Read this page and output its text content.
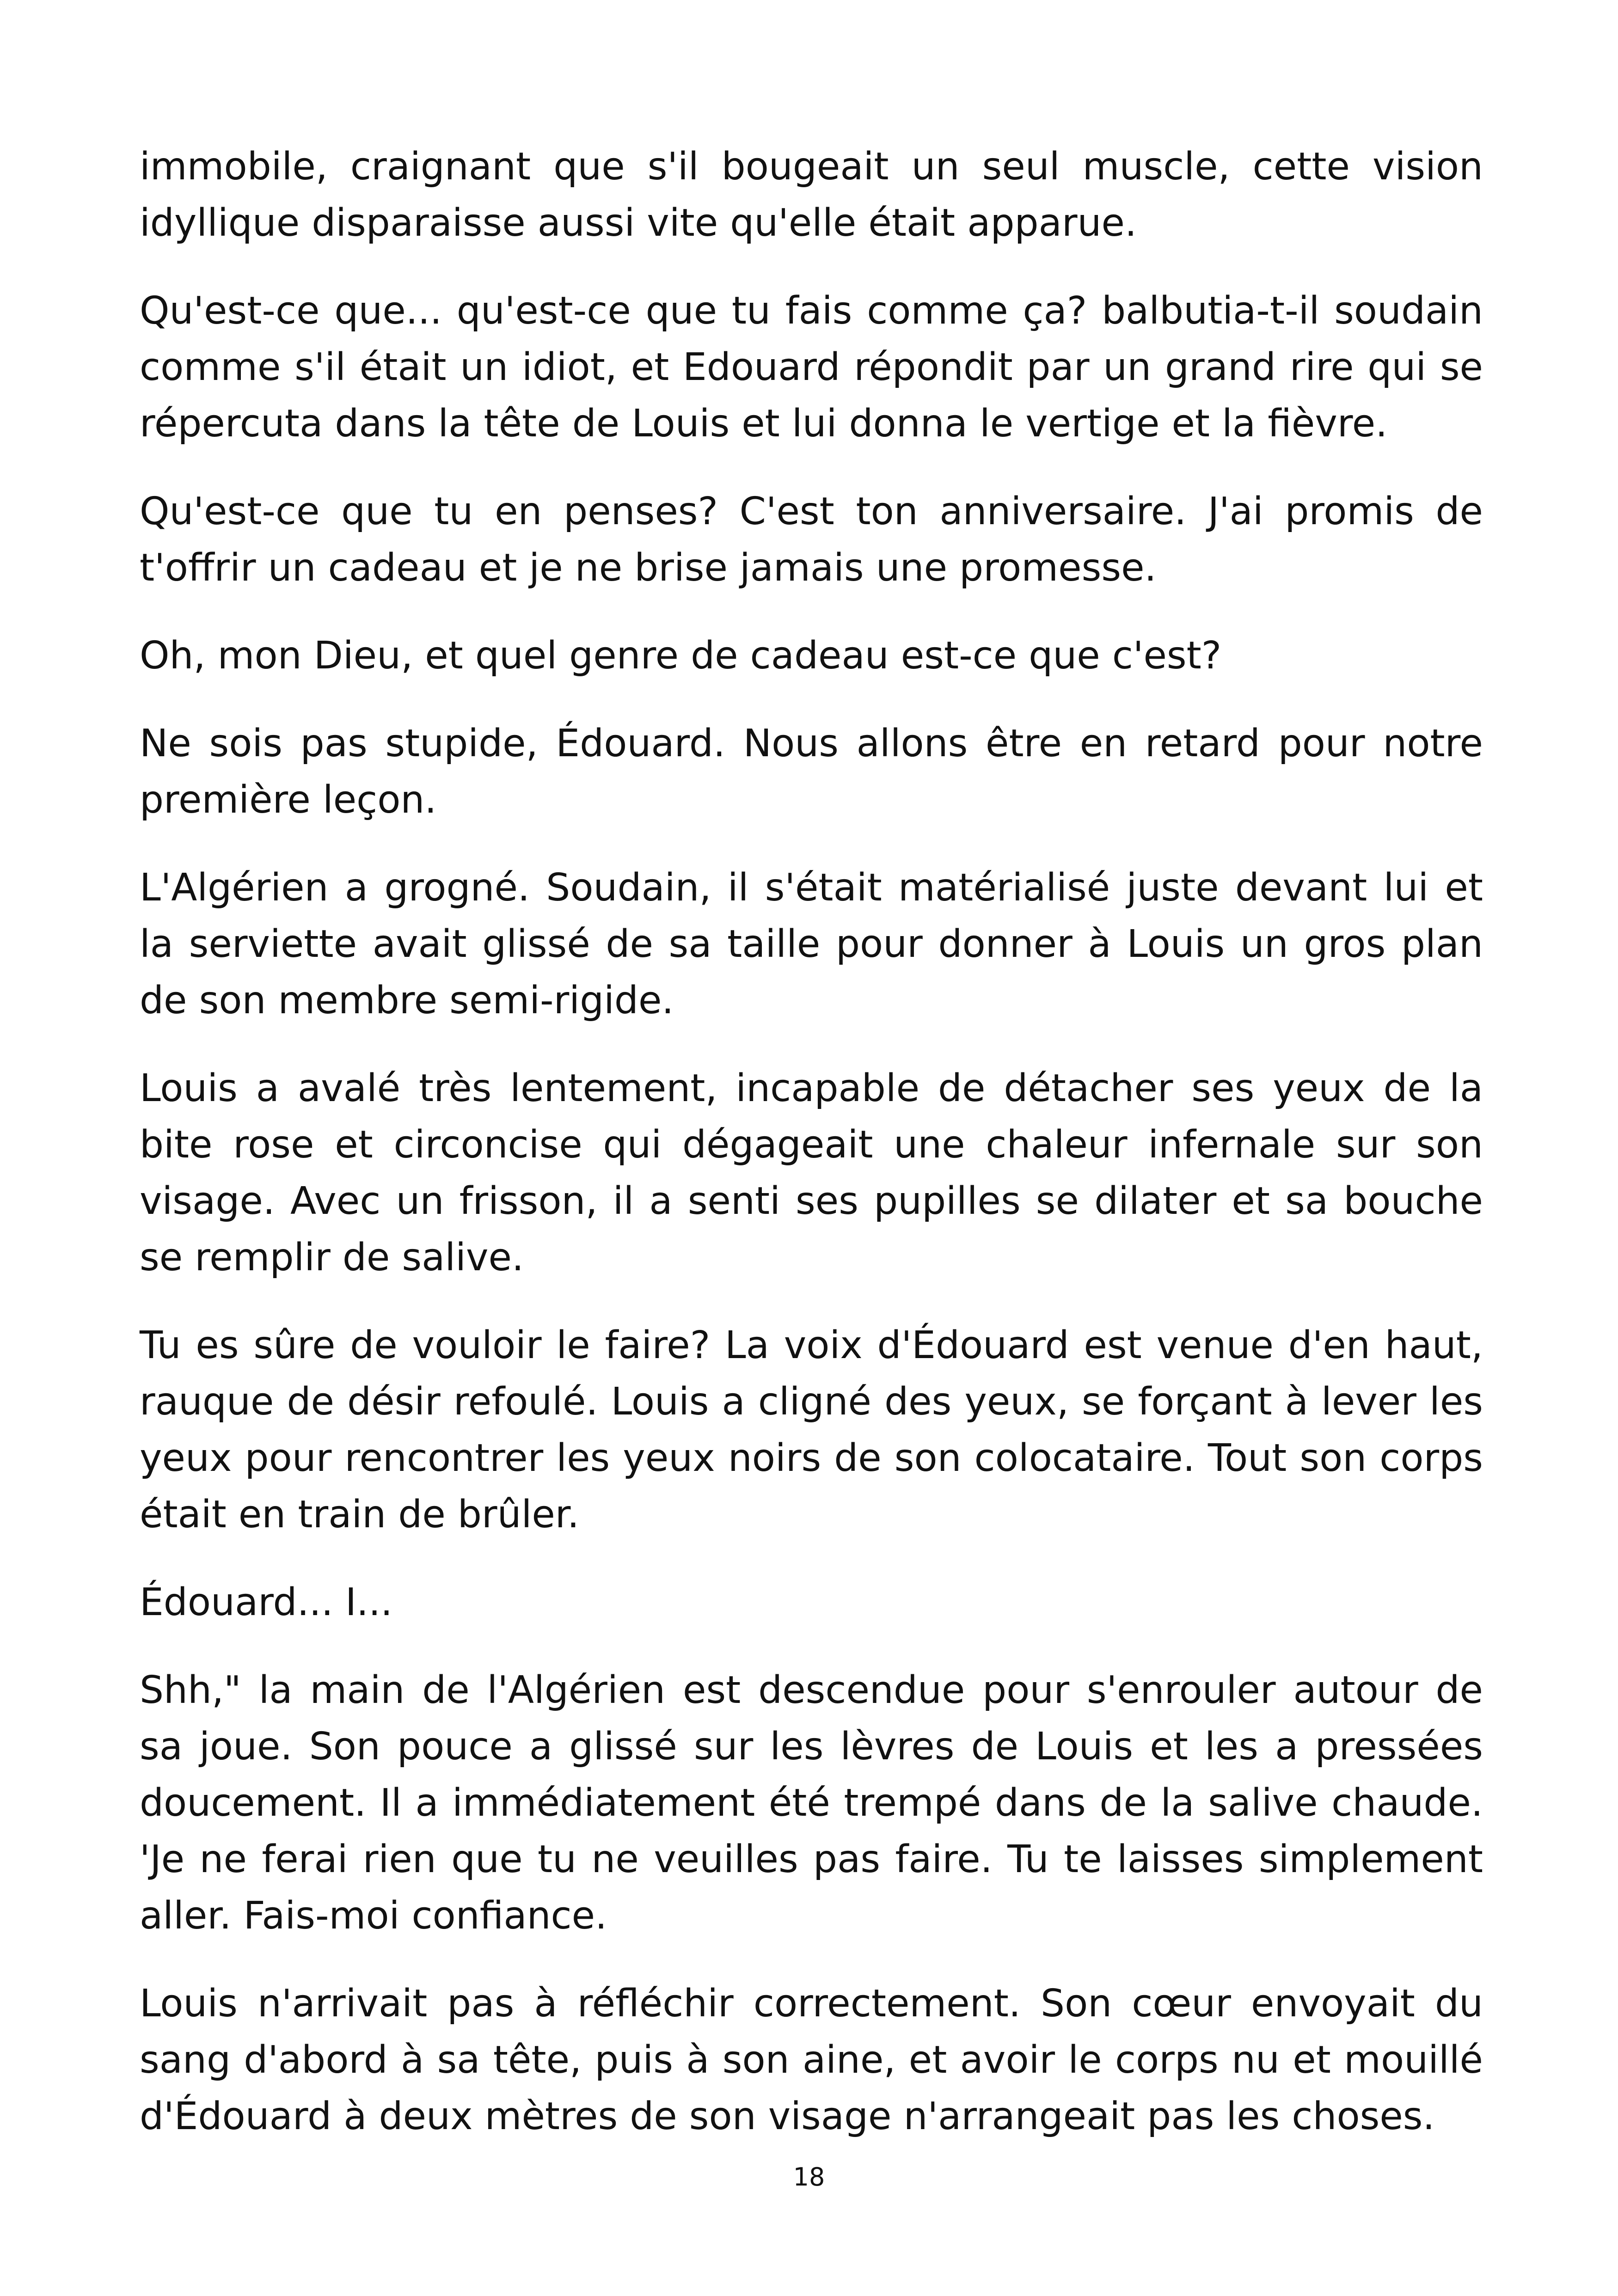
immobile, craignant que s'il bougeait un seul muscle, cette vision idyllique disparaisse aussi vite qu'elle était apparue.

Qu'est-ce que... qu'est-ce que tu fais comme ça? balbutia-t-il soudain comme s'il était un idiot, et Edouard répondit par un grand rire qui se répercuta dans la tête de Louis et lui donna le vertige et la fièvre.

Qu'est-ce que tu en penses? C'est ton anniversaire. J'ai promis de t'offrir un cadeau et je ne brise jamais une promesse.

Oh, mon Dieu, et quel genre de cadeau est-ce que c'est?

Ne sois pas stupide, Édouard. Nous allons être en retard pour notre première leçon.

L'Algérien a grogné. Soudain, il s'était matérialisé juste devant lui et la serviette avait glissé de sa taille pour donner à Louis un gros plan de son membre semi-rigide.

Louis a avalé très lentement, incapable de détacher ses yeux de la bite rose et circoncise qui dégageait une chaleur infernale sur son visage. Avec un frisson, il a senti ses pupilles se dilater et sa bouche se remplir de salive.

Tu es sûre de vouloir le faire? La voix d'Édouard est venue d'en haut, rauque de désir refoulé. Louis a cligné des yeux, se forçant à lever les yeux pour rencontrer les yeux noirs de son colocataire. Tout son corps était en train de brûler.

Édouard... I...

Shh," la main de l'Algérien est descendue pour s'enrouler autour de sa joue. Son pouce a glissé sur les lèvres de Louis et les a pressées doucement. Il a immédiatement été trempé dans de la salive chaude. 'Je ne ferai rien que tu ne veuilles pas faire. Tu te laisses simplement aller. Fais-moi confiance.

Louis n'arrivait pas à réfléchir correctement. Son cœur envoyait du sang d'abord à sa tête, puis à son aine, et avoir le corps nu et mouillé d'Édouard à deux mètres de son visage n'arrangeait pas les choses.

18
